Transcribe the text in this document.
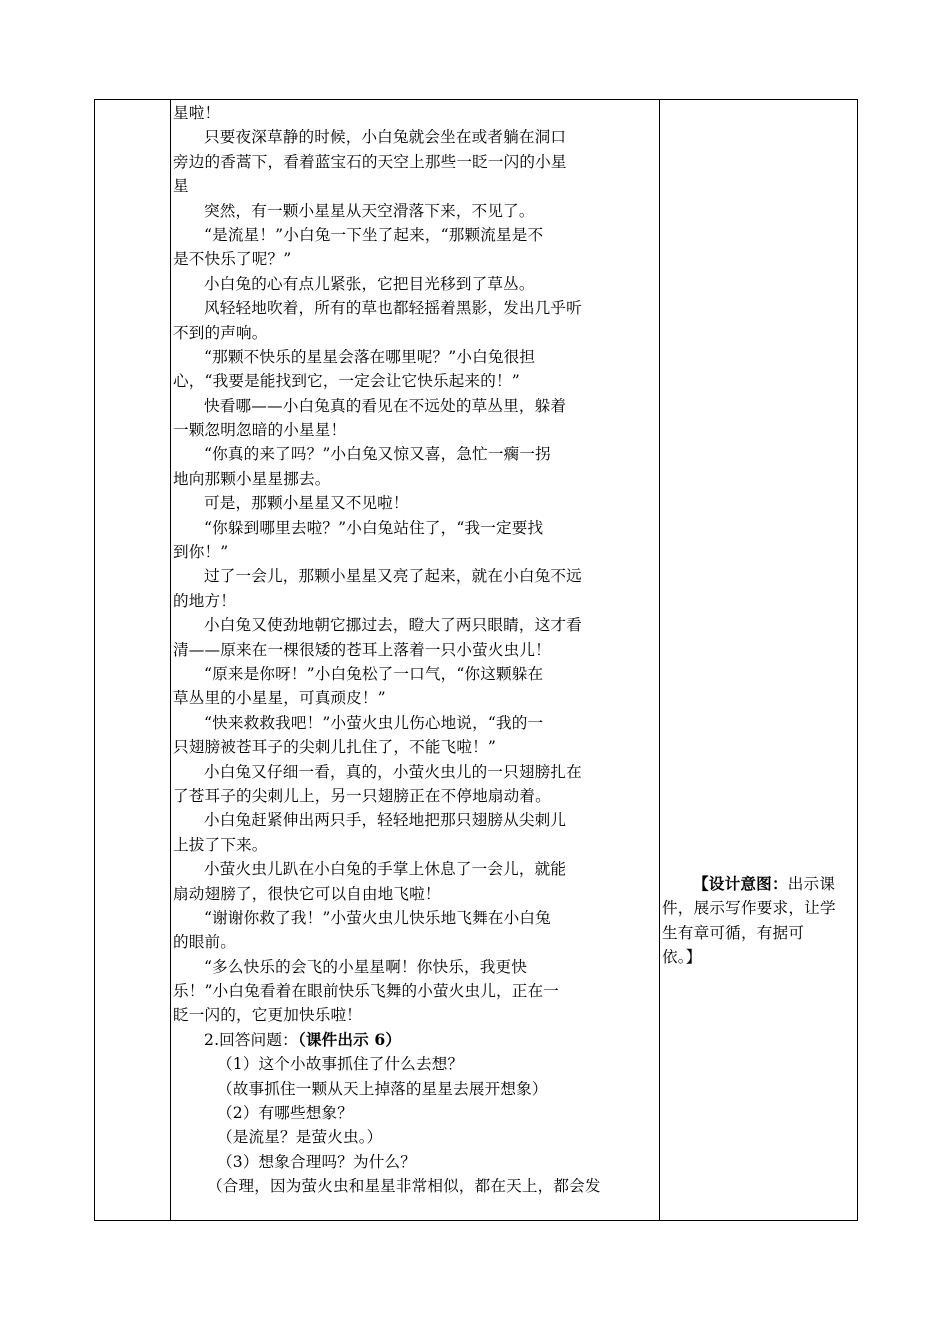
星啦！
只要夜深草静的时候，小白兔就会坐在或者躺在洞口
旁边的香蒿下，看着蓝宝石的天空上那些一眨一闪的小星
星
突然，有一颗小星星从天空滑落下来，不见了。
“是流星！”小白兔一下坐了起来，“那颗流星是不
是不快乐了呢？”
小白兔的心有点儿紧张，它把目光移到了草丛。
风轻轻地吹着，所有的草也都轻摇着黑影，发出几乎听
不到的声响。
“那颗不快乐的星星会落在哪里呢？”小白兔很担
心，“我要是能找到它，一定会让它快乐起来的！”
快看哪——小白兔真的看见在不远处的草丛里，躲着
一颗忽明忽暗的小星星！
“你真的来了吗？”小白兔又惊又喜，急忙一瘸一拐
地向那颗小星星挪去。
可是，那颗小星星又不见啦！
“你躲到哪里去啦？”小白兔站住了，“我一定要找
到你！”
过了一会儿，那颗小星星又亮了起来，就在小白兔不远
的地方！
小白兔又使劲地朝它挪过去，瞪大了两只眼睛，这才看
清——原来在一棵很矮的苍耳上落着一只小萤火虫儿！
“原来是你呀！”小白兔松了一口气，“你这颗躲在
草丛里的小星星，可真顽皮！”
“快来救救我吧！”小萤火虫儿伤心地说，“我的一
只翅膀被苍耳子的尖刺儿扎住了，不能飞啦！”
小白兔又仔细一看，真的，小萤火虫儿的一只翅膀扎在
了苍耳子的尖刺儿上，另一只翅膀正在不停地扇动着。
小白兔赶紧伸出两只手，轻轻地把那只翅膀从尖刺儿
上拔了下来。
小萤火虫儿趴在小白兔的手掌上休息了一会儿，就能
扇动翅膀了，很快它可以自由地飞啦！
“谢谢你救了我！”小萤火虫儿快乐地飞舞在小白兔
的眼前。
“多么快乐的会飞的小星星啊！你快乐，我更快
乐！”小白兔看着在眼前快乐飞舞的小萤火虫儿，正在一
眨一闪的，它更加快乐啦！
2.回答问题：（课件出示 6）
（1）这个小故事抓住了什么去想？
（故事抓住一颗从天上掉落的星星去展开想象）
（2）有哪些想象？
（是流星？是萤火虫。）
（3）想象合理吗？为什么？
（合理，因为萤火虫和星星非常相似，都在天上，都会发
【设计意图：出示课
件，展示写作要求，让学
生有章可循，有据可
依。】
